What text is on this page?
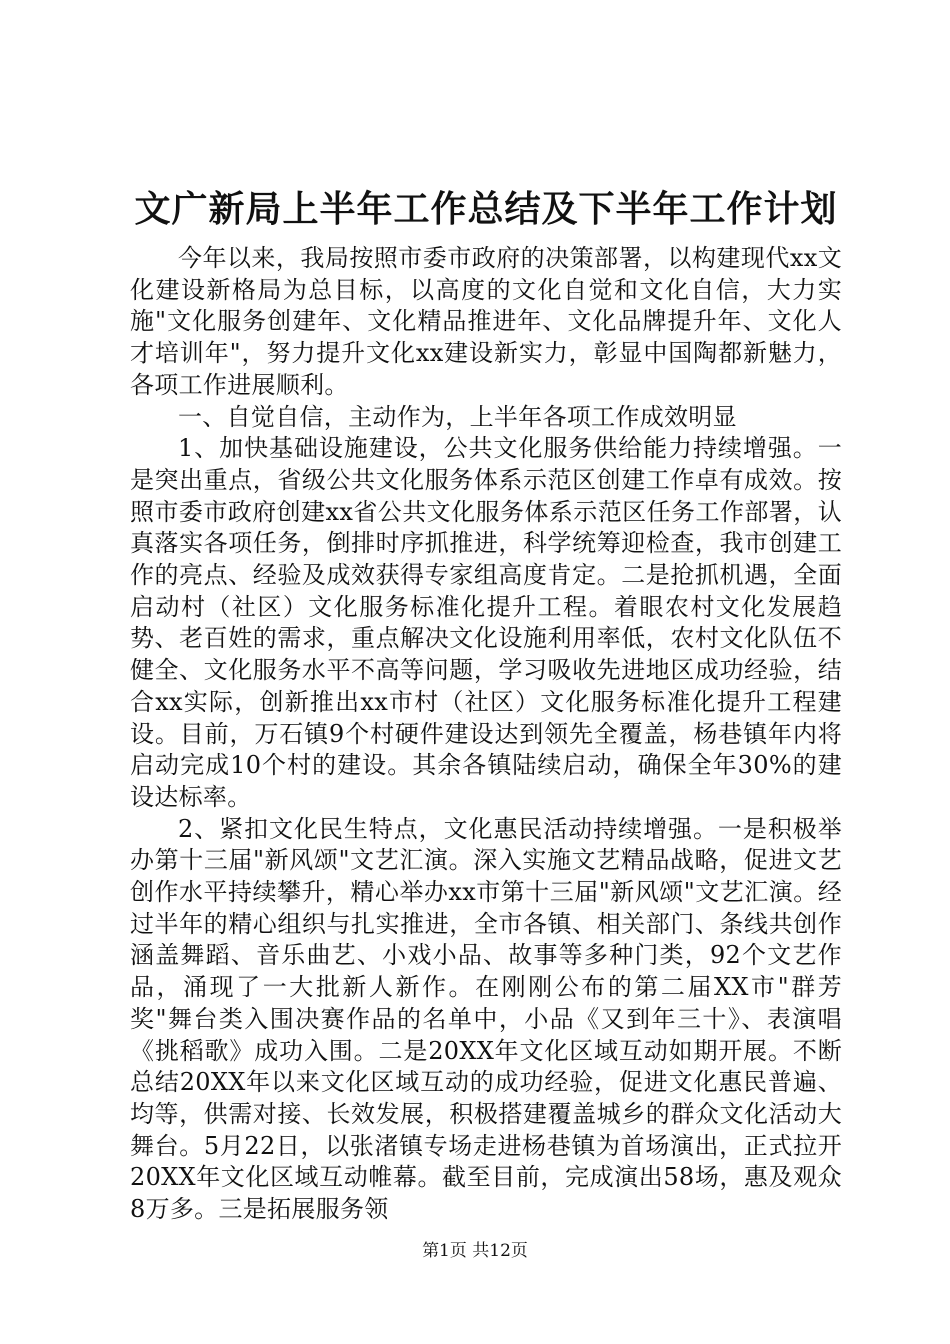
文广新局上半年工作总结及下半年工作计划

今年以来，我局按照市委市政府的决策部署，以构建现代xx文化建设新格局为总目标，以高度的文化自觉和文化自信，大力实施"文化服务创建年、文化精品推进年、文化品牌提升年、文化人才培训年"，努力提升文化xx建设新实力，彰显中国陶都新魅力，各项工作进展顺利。

一、自觉自信，主动作为，上半年各项工作成效明显

1、加快基础设施建设，公共文化服务供给能力持续增强。一是突出重点，省级公共文化服务体系示范区创建工作卓有成效。按照市委市政府创建xx省公共文化服务体系示范区任务工作部署，认真落实各项任务，倒排时序抓推进，科学统筹迎检查，我市创建工作的亮点、经验及成效获得专家组高度肯定。二是抢抓机遇，全面启动村（社区）文化服务标准化提升工程。着眼农村文化发展趋势、老百姓的需求，重点解决文化设施利用率低，农村文化队伍不健全、文化服务水平不高等问题，学习吸收先进地区成功经验，结合xx实际，创新推出xx市村（社区）文化服务标准化提升工程建设。目前，万石镇9个村硬件建设达到领先全覆盖，杨巷镇年内将启动完成10个村的建设。其余各镇陆续启动，确保全年30%的建设达标率。

2、紧扣文化民生特点，文化惠民活动持续增强。一是积极举办第十三届"新风颂"文艺汇演。深入实施文艺精品战略，促进文艺创作水平持续攀升，精心举办xx市第十三届"新风颂"文艺汇演。经过半年的精心组织与扎实推进，全市各镇、相关部门、条线共创作涵盖舞蹈、音乐曲艺、小戏小品、故事等多种门类，92个文艺作品，涌现了一大批新人新作。在刚刚公布的第二届XX市"群芳奖"舞台类入围决赛作品的名单中，小品《又到年三十》、表演唱《挑稻歌》成功入围。二是20XX年文化区域互动如期开展。不断总结20XX年以来文化区域互动的成功经验，促进文化惠民普遍、均等，供需对接、长效发展，积极搭建覆盖城乡的群众文化活动大舞台。5月22日，以张渚镇专场走进杨巷镇为首场演出，正式拉开20XX年文化区域互动帷幕。截至目前，完成演出58场，惠及观众8万多。三是拓展服务领

第1页 共12页
